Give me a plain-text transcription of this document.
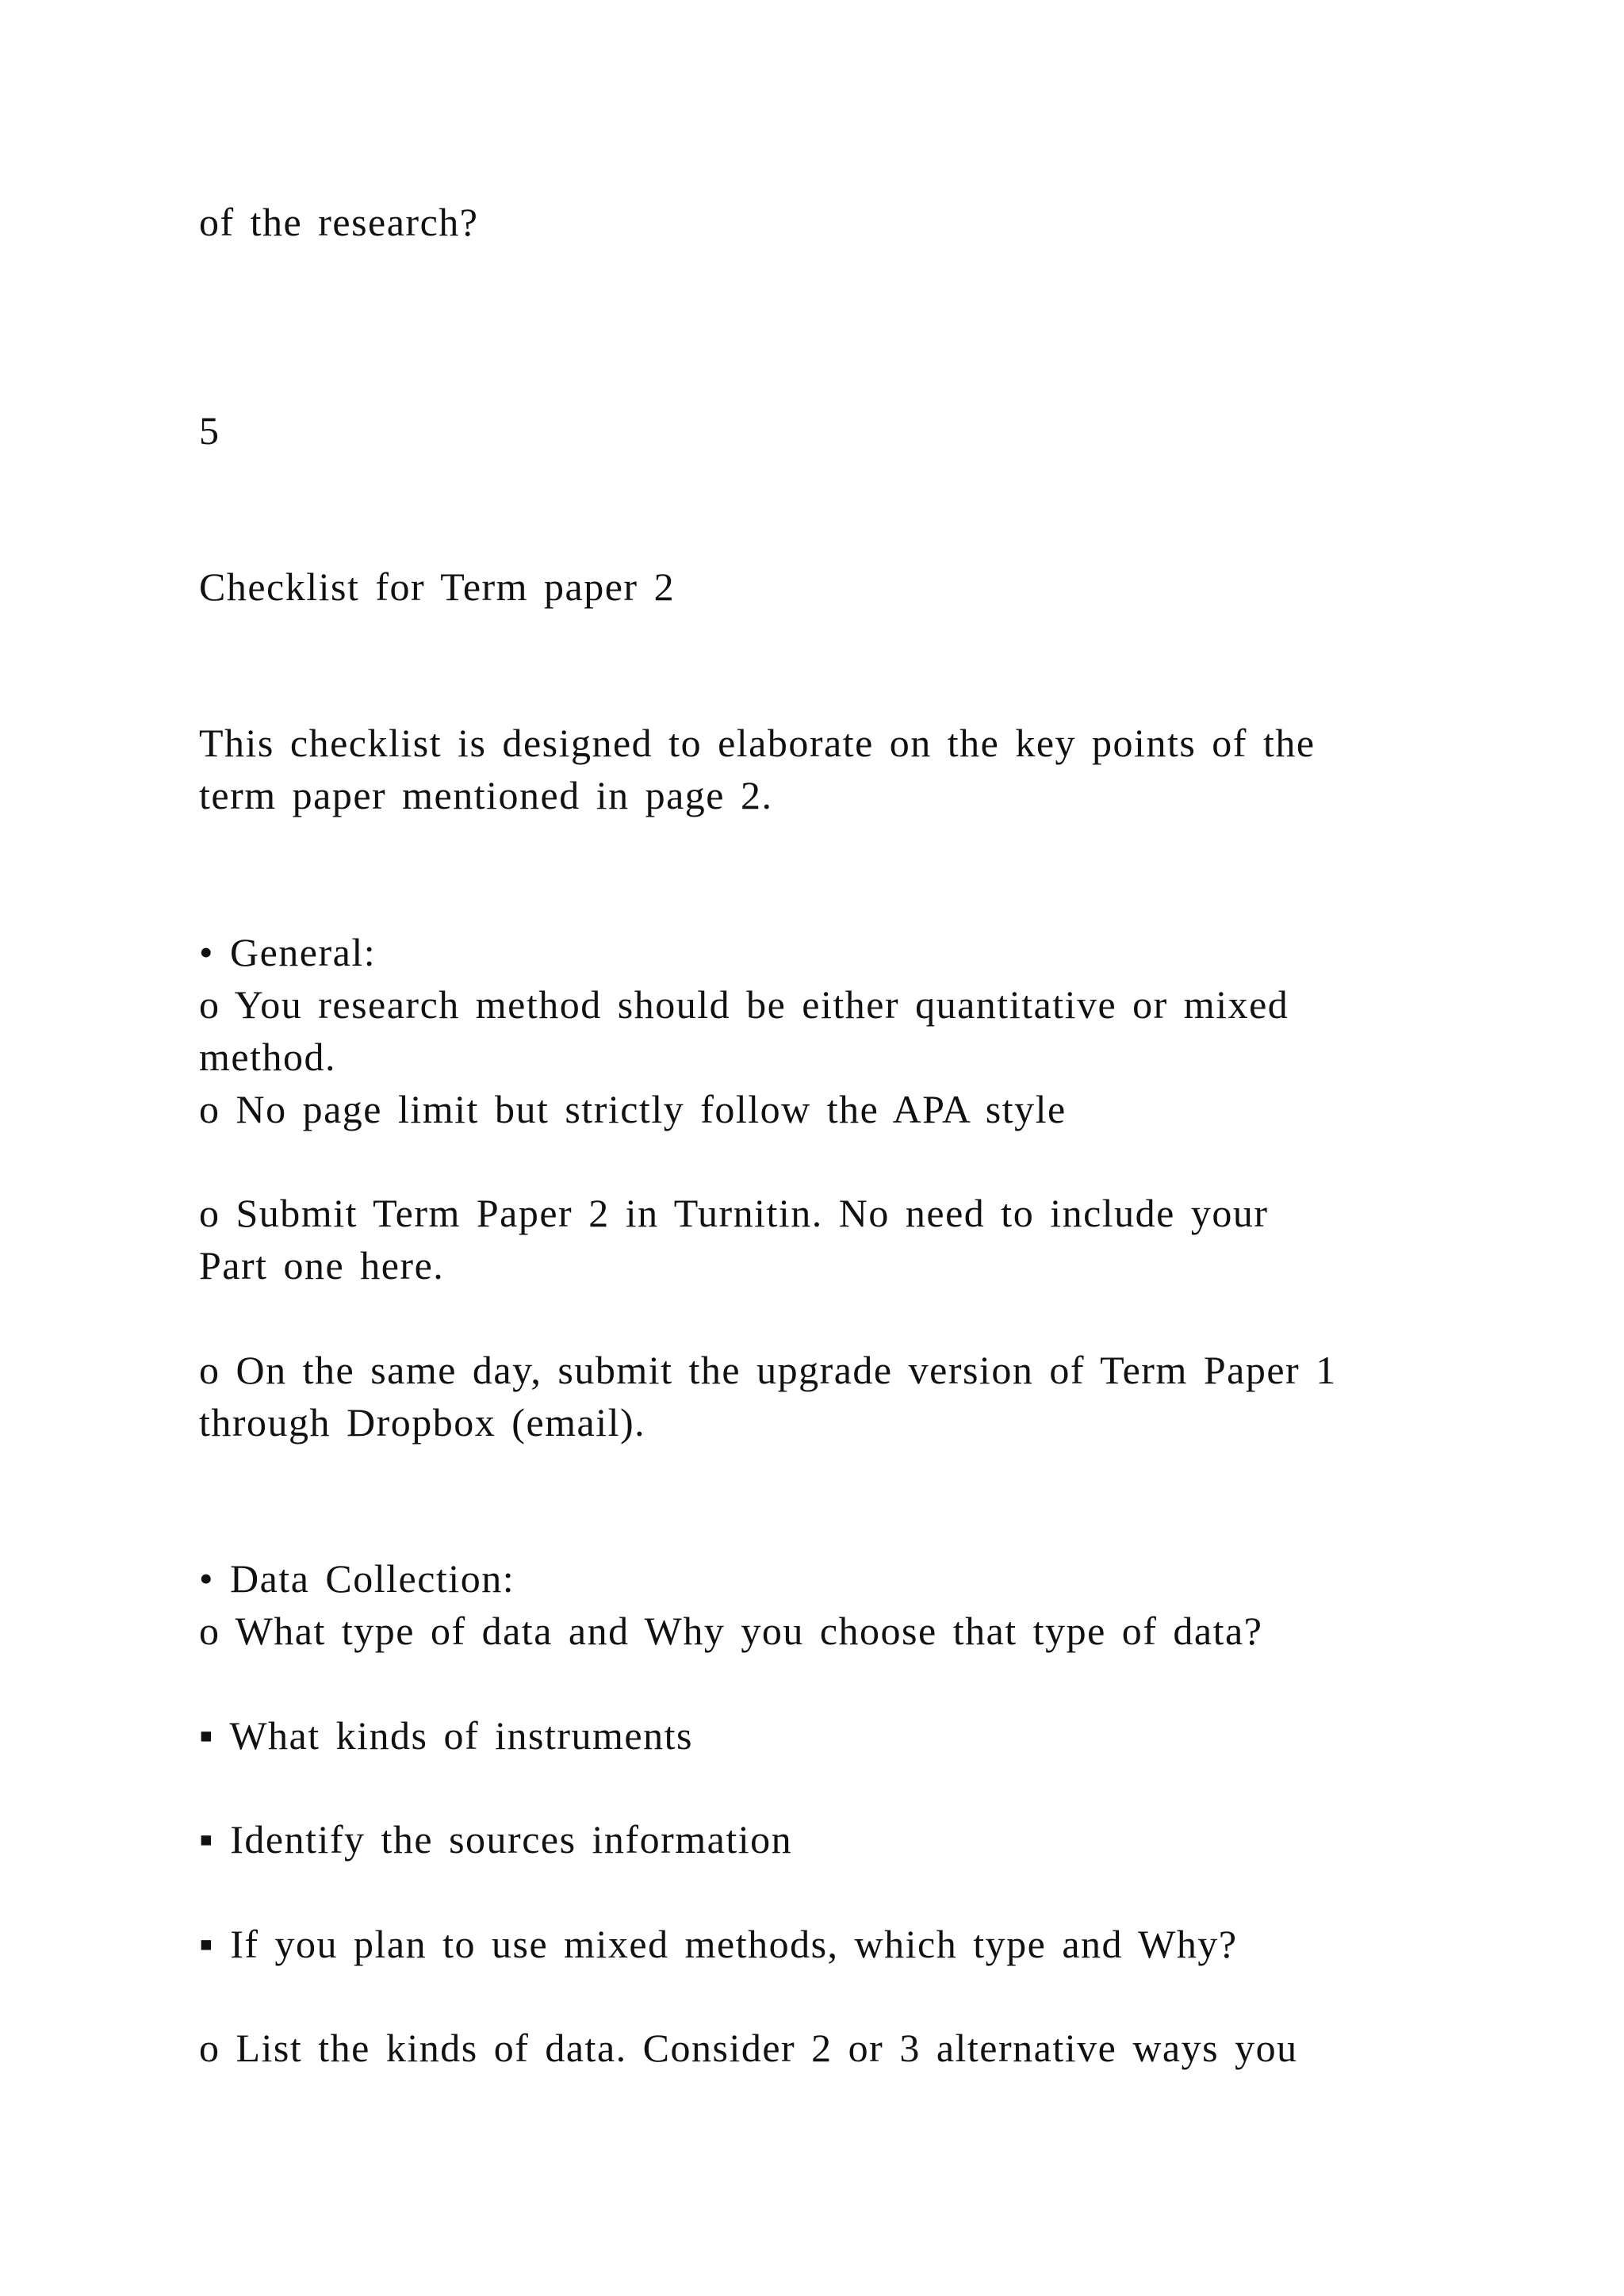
of the research?
5
Checklist for Term paper 2
This checklist is designed to elaborate on the key points of the
term paper mentioned in page 2.
• General:
o You research method should be either quantitative or mixed
method.
o No page limit but strictly follow the APA style
o Submit Term Paper 2 in Turnitin. No need to include your
Part one here.
o On the same day, submit the upgrade version of Term Paper 1
through Dropbox (email).
• Data Collection:
o What type of data and Why you choose that type of data?
▪ What kinds of instruments
▪ Identify the sources information
▪ If you plan to use mixed methods, which type and Why?
o List the kinds of data. Consider 2 or 3 alternative ways you
